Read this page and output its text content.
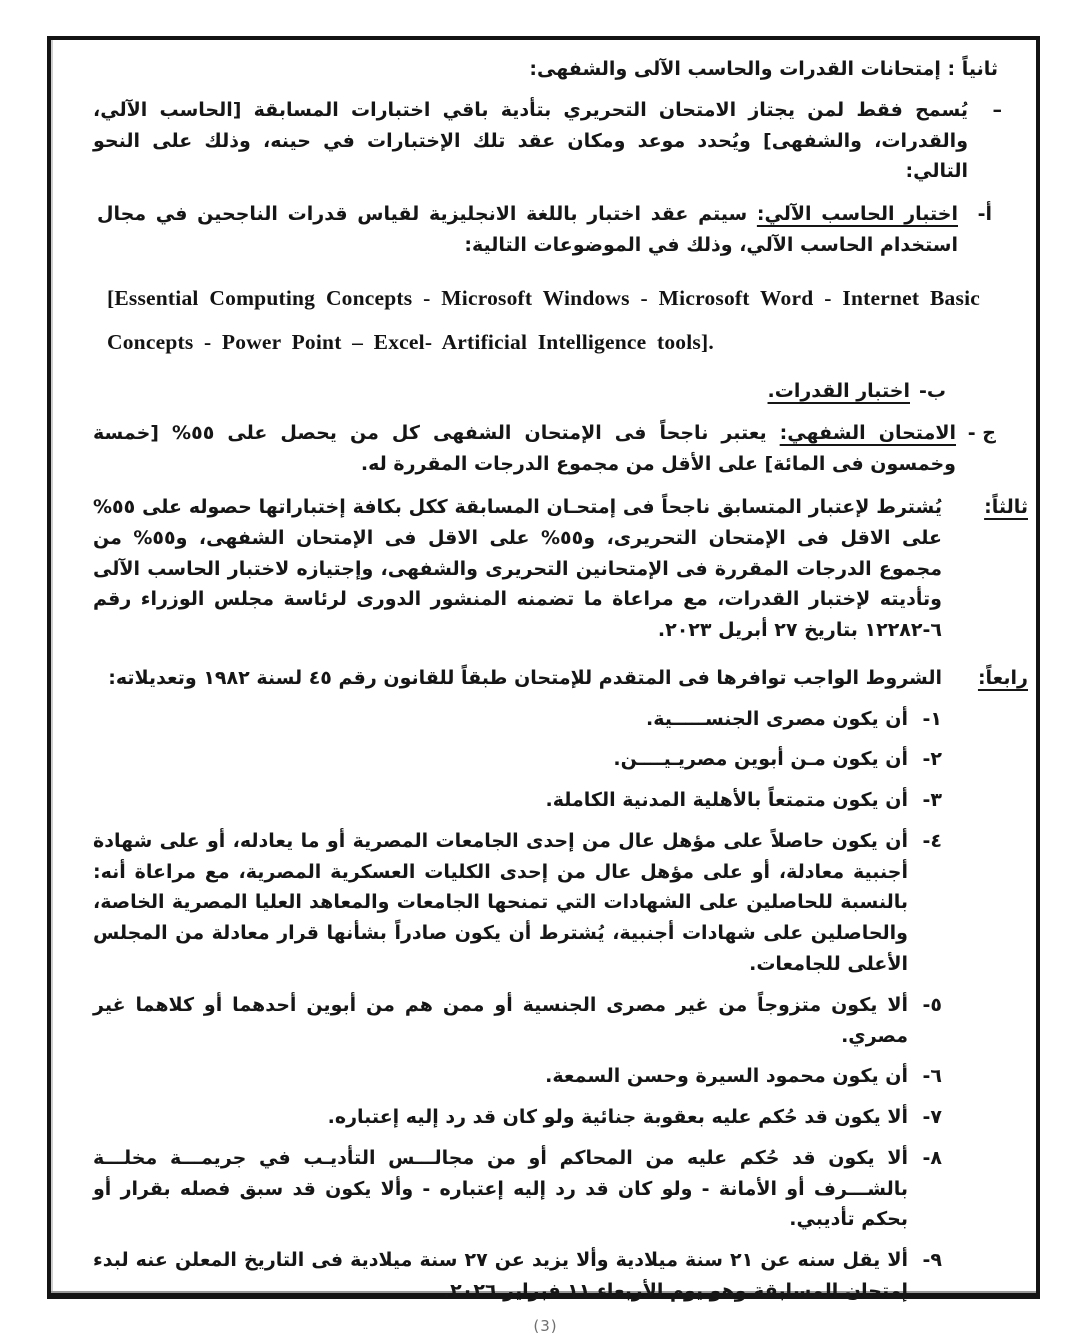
ثانياً : إمتحانات القدرات والحاسب الآلى والشفهى:
–
يُسمح فقط لمن يجتاز الامتحان التحريري بتأدية باقي اختبارات المسابقة [الحاسب الآلي، والقدرات، والشفهى] ويُحدد موعد ومكان عقد تلك الإختبارات في حينه، وذلك على النحو التالي:
أ-
اختبار الحاسب الآلي: سيتم عقد اختبار باللغة الانجليزية لقياس قدرات الناجحين في مجال استخدام الحاسب الآلي، وذلك في الموضوعات التالية:
[Essential Computing Concepts - Microsoft Windows - Microsoft Word - Internet Basic Concepts - Power Point – Excel- Artificial Intelligence tools].
ب-
اختبار القدرات.
ج -
الامتحان الشفهي: يعتبر ناجحاً فى الإمتحان الشفهى كل من يحصل على ٥٥% [خمسة وخمسون فى المائة] على الأقل من مجموع الدرجات المقررة له.
ثالثاً:
يُشترط لإعتبار المتسابق ناجحاً فى إمتحـان المسابقة ككل بكافة إختباراتها حصوله على ٥٥% على الاقل فى الإمتحان التحريرى، و٥٥% على الاقل فى الإمتحان الشفهى، و٥٥% من مجموع الدرجات المقررة فى الإمتحانين التحريرى والشفهى، وإجتيازه لاختبار الحاسب الآلى وتأديته لإختبار القدرات، مع مراعاة ما تضمنه المنشور الدورى لرئاسة مجلس الوزراء رقم ٦-١٢٢٨٢ بتاريخ ٢٧ أبريل ٢٠٢٣.
رابعاً:
الشروط الواجب توافرها فى المتقدم للإمتحان طبقاً للقانون رقم ٤٥ لسنة ١٩٨٢ وتعديلاته:
١-
أن يكون مصرى الجنســـــية.
٢-
أن يكون مـن أبوين مصريـيــــن.
٣-
أن يكون متمتعاً بالأهلية المدنية الكاملة.
٤-
أن يكون حاصلاً على مؤهل عال من إحدى الجامعات المصرية أو ما يعادله، أو على شهادة أجنبية معادلة، أو على مؤهل عال من إحدى الكليات العسكرية المصرية، مع مراعاة أنه: بالنسبة للحاصلين على الشهادات التي تمنحها الجامعات والمعاهد العليا المصرية الخاصة، والحاصلين على شهادات أجنبية، يُشترط أن يكون صادراً بشأنها قرار معادلة من المجلس الأعلى للجامعات.
٥-
ألا يكون متزوجاً من غير مصرى الجنسية أو ممن هم من أبوين أحدهما أو كلاهما غير مصري.
٦-
أن يكون محمود السيرة وحسن السمعة.
٧-
ألا يكون قد حُكم عليه بعقوبة جنائية ولو كان قد رد إليه إعتباره.
٨-
ألا يكون قد حُكم عليه من المحاكم أو من مجالـــس التأديـب في جريمـــة مخلـــة بالشـــرف أو الأمانة - ولو كان قد رد إليه إعتباره - وألا يكون قد سبق فصله بقرار أو بحكم تأديبي.
٩-
ألا يقل سنه عن ٢١ سنة ميلادية وألا يزيد عن ٢٧ سنة ميلادية فى التاريخ المعلن عنه لبدء إمتحان المسابقة وهو يوم الأربعاء ١١ فبراير ٢٠٢٦.
(3)
